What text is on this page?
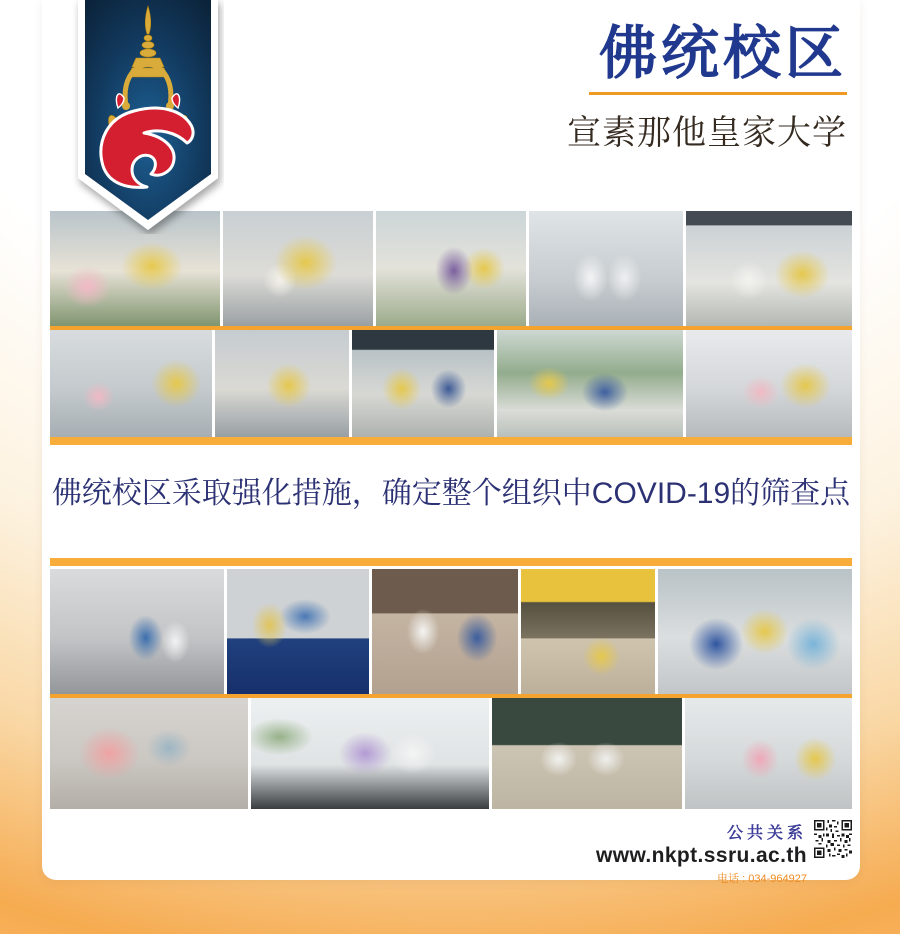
佛统校区
宣素那他皇家大学
佛统校区采取强化措施，确定整个组织中COVID-19的筛查点
公共关系
www.nkpt.ssru.ac.th
电话 : 034-964927
